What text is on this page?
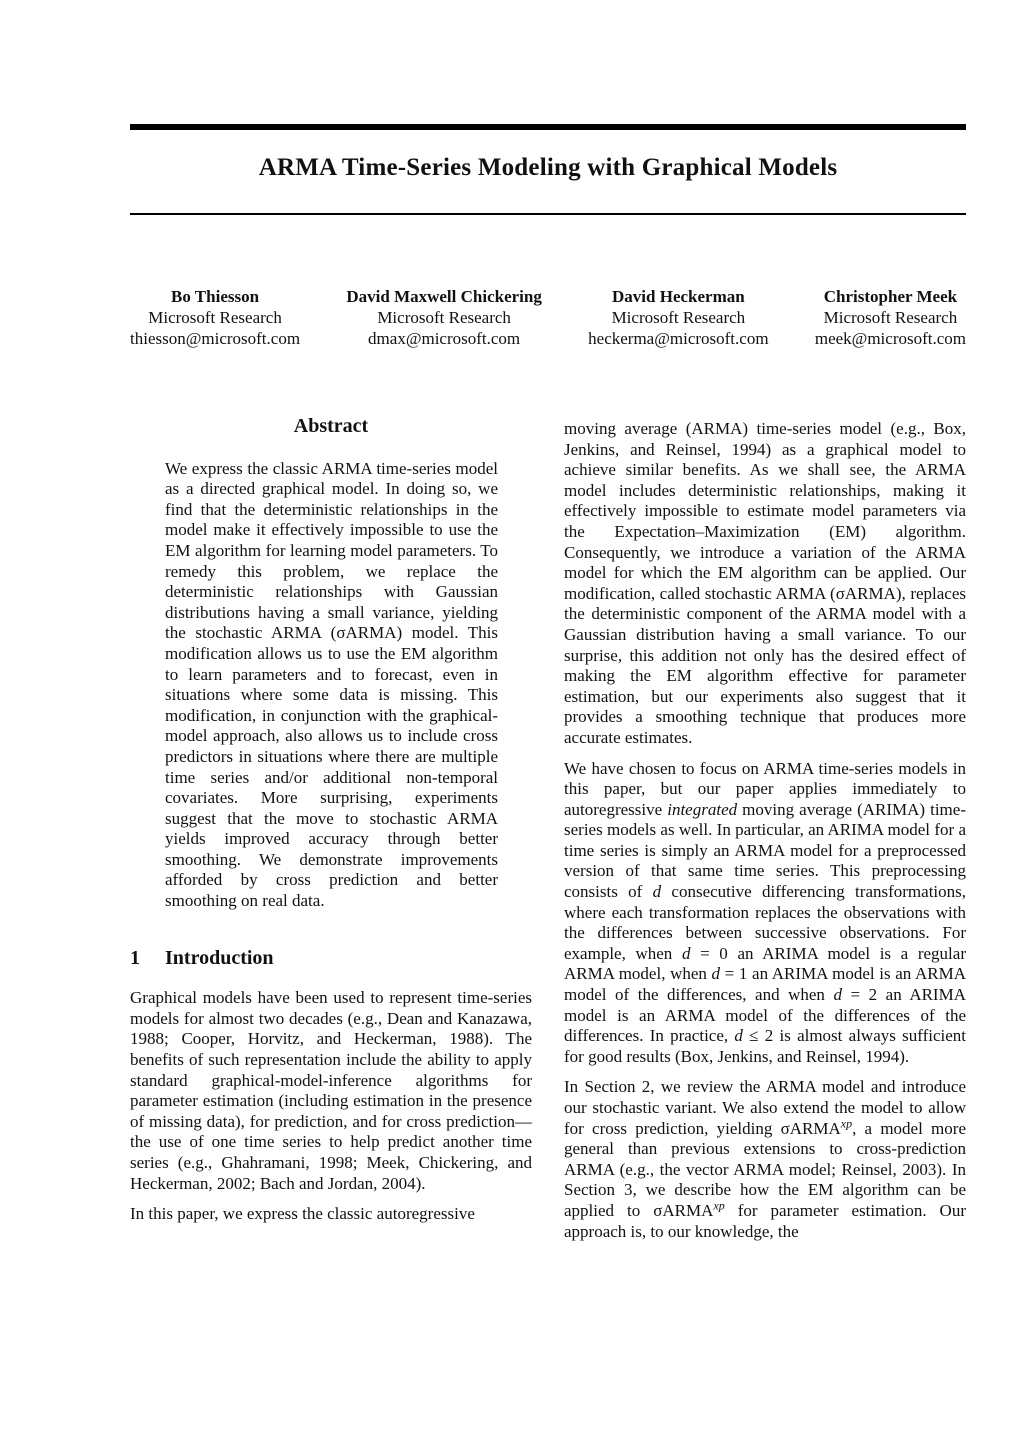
ARMA Time-Series Modeling with Graphical Models
Bo Thiesson
Microsoft Research
thiesson@microsoft.com
David Maxwell Chickering
Microsoft Research
dmax@microsoft.com
David Heckerman
Microsoft Research
heckerma@microsoft.com
Christopher Meek
Microsoft Research
meek@microsoft.com
Abstract

We express the classic ARMA time-series model as a directed graphical model. In doing so, we find that the deterministic relationships in the model make it effectively impossible to use the EM algorithm for learning model parameters. To remedy this problem, we replace the deterministic relationships with Gaussian distributions having a small variance, yielding the stochastic ARMA (σARMA) model. This modification allows us to use the EM algorithm to learn parameters and to forecast, even in situations where some data is missing. This modification, in conjunction with the graphical-model approach, also allows us to include cross predictors in situations where there are multiple time series and/or additional non-temporal covariates. More surprising, experiments suggest that the move to stochastic ARMA yields improved accuracy through better smoothing. We demonstrate improvements afforded by cross prediction and better smoothing on real data.

1 Introduction

Graphical models have been used to represent time-series models for almost two decades (e.g., Dean and Kanazawa, 1988; Cooper, Horvitz, and Heckerman, 1988). The benefits of such representation include the ability to apply standard graphical-model-inference algorithms for parameter estimation (including estimation in the presence of missing data), for prediction, and for cross prediction—the use of one time series to help predict another time series (e.g., Ghahramani, 1998; Meek, Chickering, and Heckerman, 2002; Bach and Jordan, 2004).

In this paper, we express the classic autoregressive

moving average (ARMA) time-series model (e.g., Box, Jenkins, and Reinsel, 1994) as a graphical model to achieve similar benefits. As we shall see, the ARMA model includes deterministic relationships, making it effectively impossible to estimate model parameters via the Expectation–Maximization (EM) algorithm. Consequently, we introduce a variation of the ARMA model for which the EM algorithm can be applied. Our modification, called stochastic ARMA (σARMA), replaces the deterministic component of the ARMA model with a Gaussian distribution having a small variance. To our surprise, this addition not only has the desired effect of making the EM algorithm effective for parameter estimation, but our experiments also suggest that it provides a smoothing technique that produces more accurate estimates.

We have chosen to focus on ARMA time-series models in this paper, but our paper applies immediately to autoregressive integrated moving average (ARIMA) time-series models as well. In particular, an ARIMA model for a time series is simply an ARMA model for a preprocessed version of that same time series. This preprocessing consists of d consecutive differencing transformations, where each transformation replaces the observations with the differences between successive observations. For example, when d = 0 an ARIMA model is a regular ARMA model, when d = 1 an ARIMA model is an ARMA model of the differences, and when d = 2 an ARIMA model is an ARMA model of the differences of the differences. In practice, d ≤ 2 is almost always sufficient for good results (Box, Jenkins, and Reinsel, 1994).

In Section 2, we review the ARMA model and introduce our stochastic variant. We also extend the model to allow for cross prediction, yielding σARMA$^{xp}$, a model more general than previous extensions to cross-prediction ARMA (e.g., the vector ARMA model; Reinsel, 2003). In Section 3, we describe how the EM algorithm can be applied to σARMA$^{xp}$ for parameter estimation. Our approach is, to our knowledge, the
